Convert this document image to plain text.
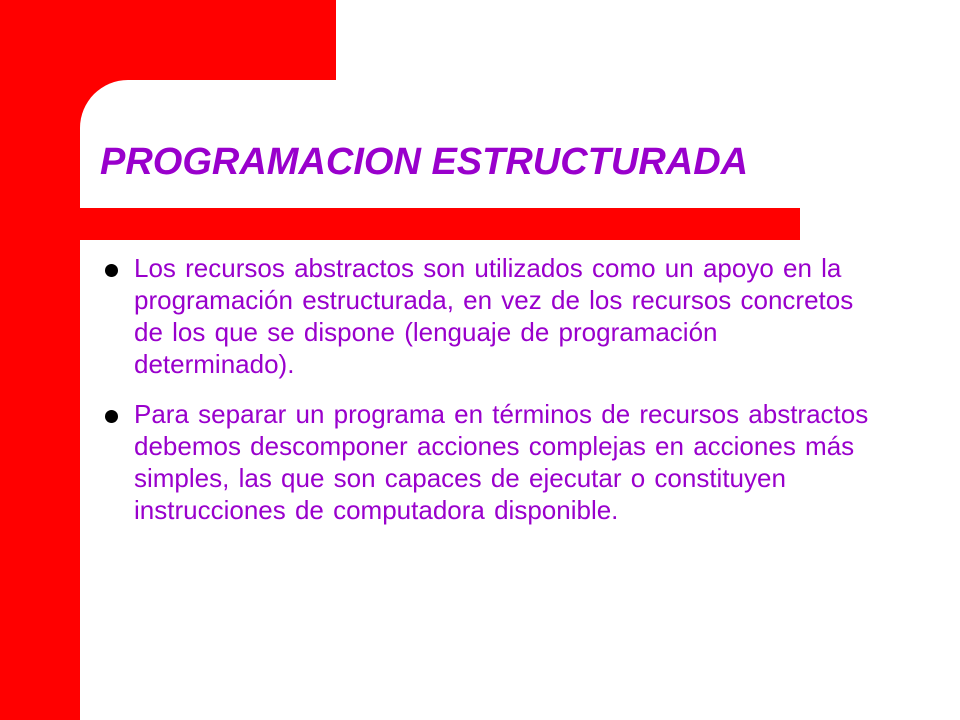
PROGRAMACION ESTRUCTURADA
Los recursos abstractos son utilizados como un apoyo en la programación estructurada, en vez de los recursos concretos de los que se dispone (lenguaje de programación determinado).
Para separar un programa en términos de recursos abstractos debemos descomponer acciones complejas en acciones más simples, las que son capaces de ejecutar o constituyen instrucciones de computadora disponible.
